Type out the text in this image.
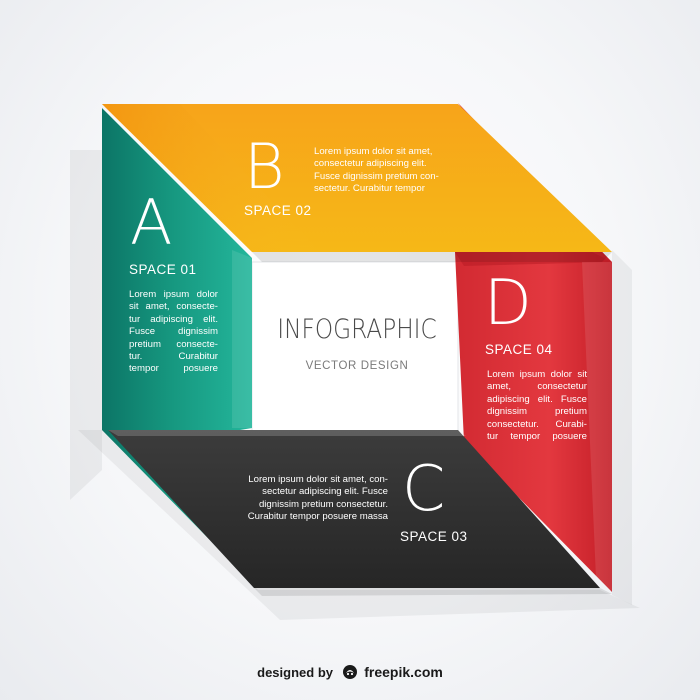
A
SPACE 01
Lorem ipsum dolor
sit amet, consecte-
tur adipiscing elit.
Fusce dignissim
pretium consecte-
tur. Curabitur
tempor posuere
B
SPACE 02
Lorem ipsum dolor sit amet,
consectetur adipiscing elit.
Fusce dignissim pretium con-
sectetur. Curabitur tempor
INFOGRAPHIC
VECTOR DESIGN
D
SPACE 04
Lorem ipsum dolor sit
amet, consectetur
adipiscing elit. Fusce
dignissim pretium
consectetur. Curabi-
tur tempor posuere
Lorem ipsum dolor sit amet, con-
sectetur adipiscing elit. Fusce
dignissim pretium consectetur.
Curabitur tempor posuere massa C
SPACE 03
designed by freepik.com
